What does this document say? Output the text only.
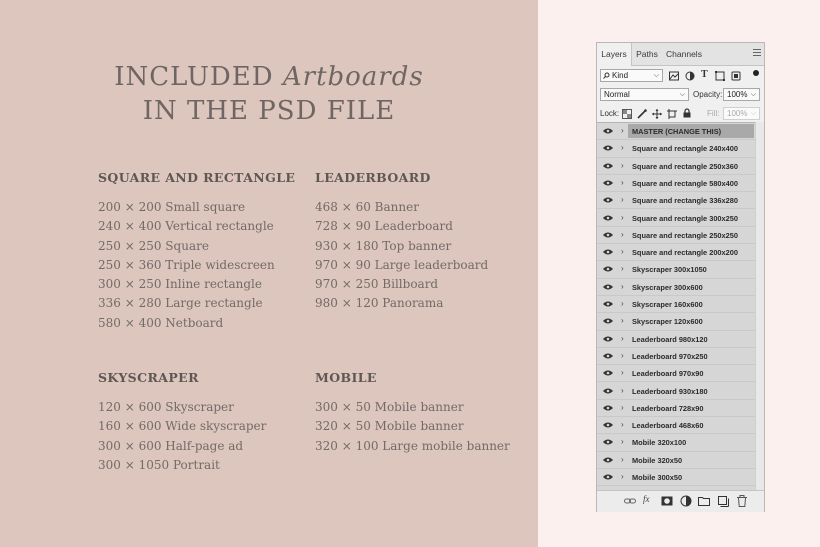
INCLUDED Artboards
IN THE PSD FILE
SQUARE AND RECTANGLE
200 × 200 Small square
240 × 400 Vertical rectangle
250 × 250 Square
250 × 360 Triple widescreen
300 × 250 Inline rectangle
336 × 280 Large rectangle
580 × 400 Netboard
LEADERBOARD
468 × 60 Banner
728 × 90 Leaderboard
930 × 180 Top banner
970 × 90 Large leaderboard
970 × 250 Billboard
980 × 120 Panorama
SKYSCRAPER
120 × 600 Skyscraper
160 × 600 Wide skyscraper
300 × 600 Half-page ad
300 × 1050 Portrait
MOBILE
300 × 50 Mobile banner
320 × 50 Mobile banner
320 × 100 Large mobile banner
Layers	Paths Channels
Kind	⌵	T
Normal	⌵ Opacity: 100% ⌵
Lock:	Fill: 100% ⌵
› MASTER (CHANGE THIS)
› Square and rectangle 240x400
› Square and rectangle 250x360
› Square and rectangle 580x400
› Square and rectangle 336x280
› Square and rectangle 300x250
› Square and rectangle 250x250
› Square and rectangle 200x200
› Skyscraper 300x1050
› Skyscraper 300x600
› Skyscraper 160x600
› Skyscraper 120x600
› Leaderboard 980x120
› Leaderboard 970x250
› Leaderboard 970x90
› Leaderboard 930x180
› Leaderboard 728x90
› Leaderboard 468x60
› Mobile 320x100
› Mobile 320x50
› Mobile 300x50
fx
